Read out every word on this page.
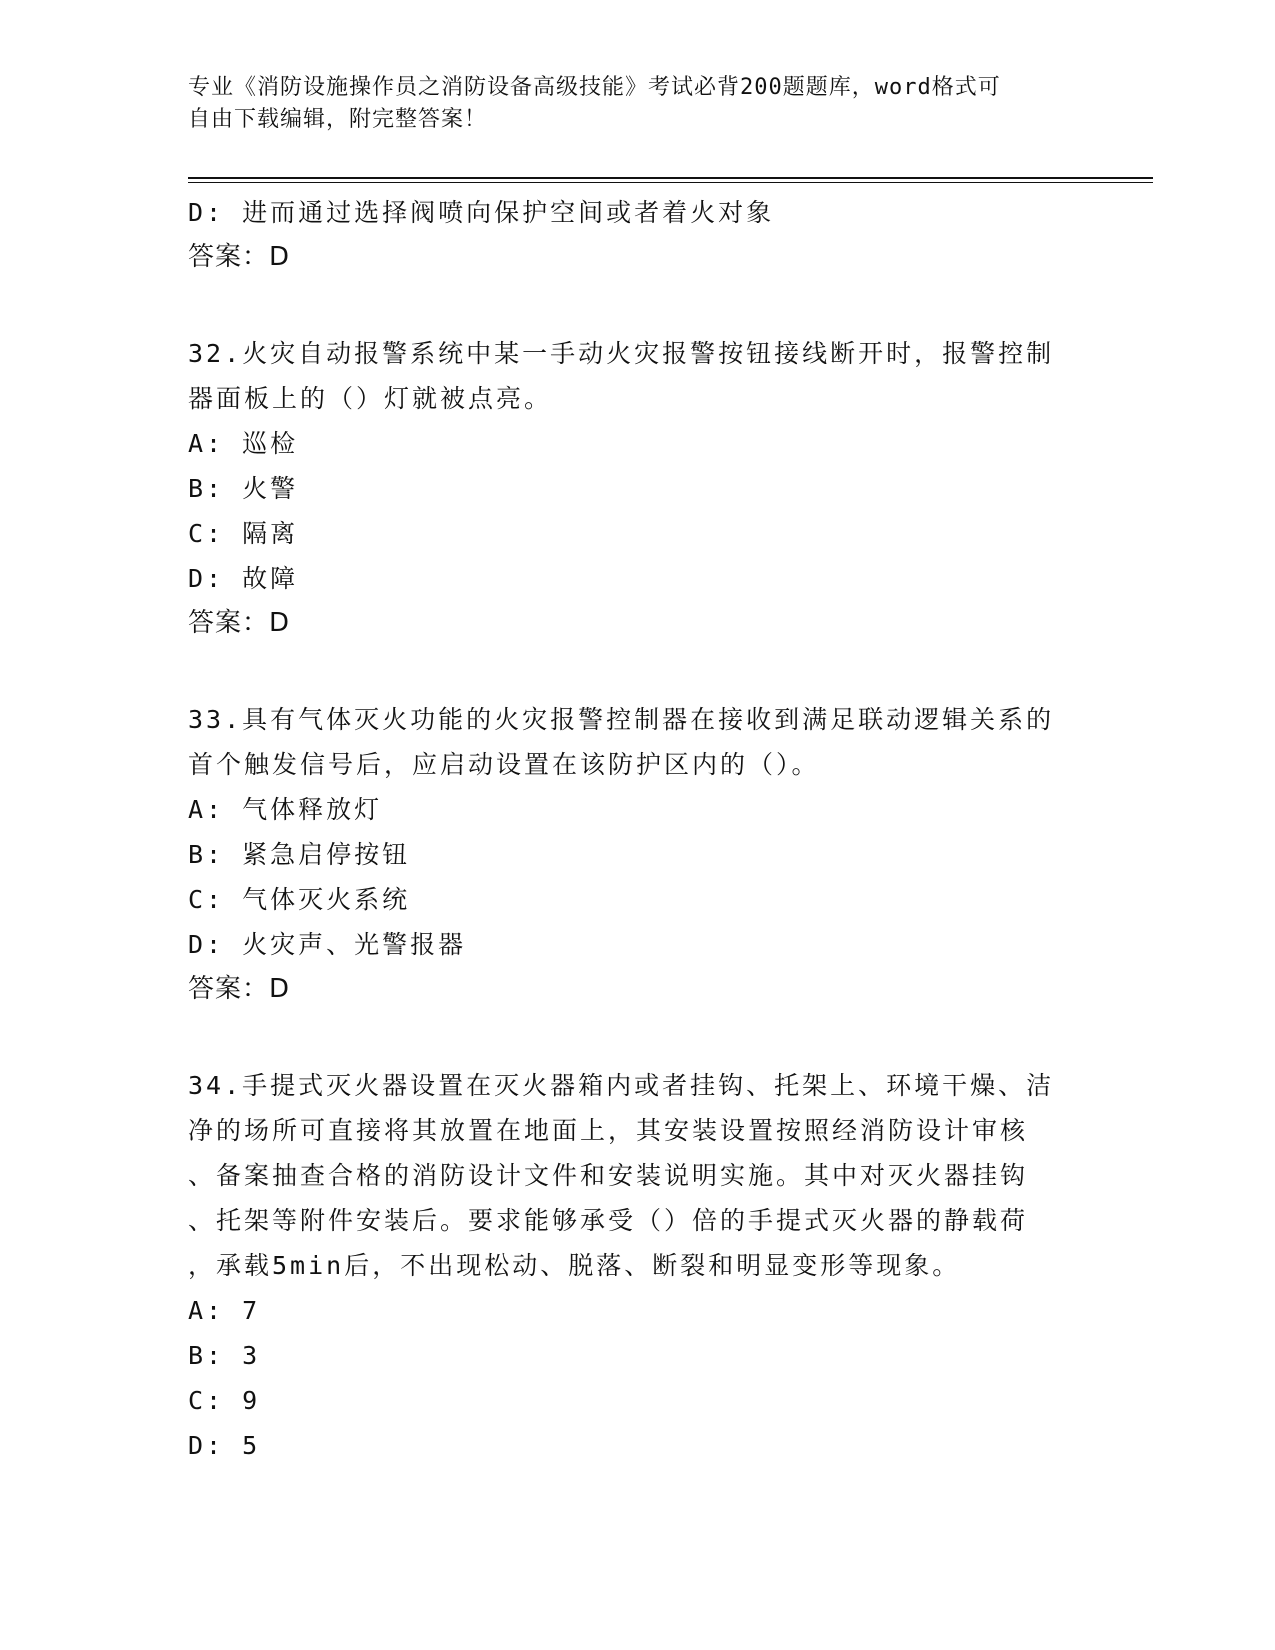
专业《消防设施操作员之消防设备高级技能》考试必背200题题库，word格式可
自由下载编辑，附完整答案！
D: 进而通过选择阀喷向保护空间或者着火对象
答案：D
32.火灾自动报警系统中某一手动火灾报警按钮接线断开时，报警控制
器面板上的（）灯就被点亮。
A: 巡检
B: 火警
C: 隔离
D: 故障
答案：D
33.具有气体灭火功能的火灾报警控制器在接收到满足联动逻辑关系的
首个触发信号后，应启动设置在该防护区内的（）。
A: 气体释放灯
B: 紧急启停按钮
C: 气体灭火系统
D: 火灾声、光警报器
答案：D
34.手提式灭火器设置在灭火器箱内或者挂钩、托架上、环境干燥、洁
净的场所可直接将其放置在地面上，其安装设置按照经消防设计审核
、备案抽查合格的消防设计文件和安装说明实施。其中对灭火器挂钩
、托架等附件安装后。要求能够承受（）倍的手提式灭火器的静载荷
，承载5min后，不出现松动、脱落、断裂和明显变形等现象。
A: 7
B: 3
C: 9
D: 5
